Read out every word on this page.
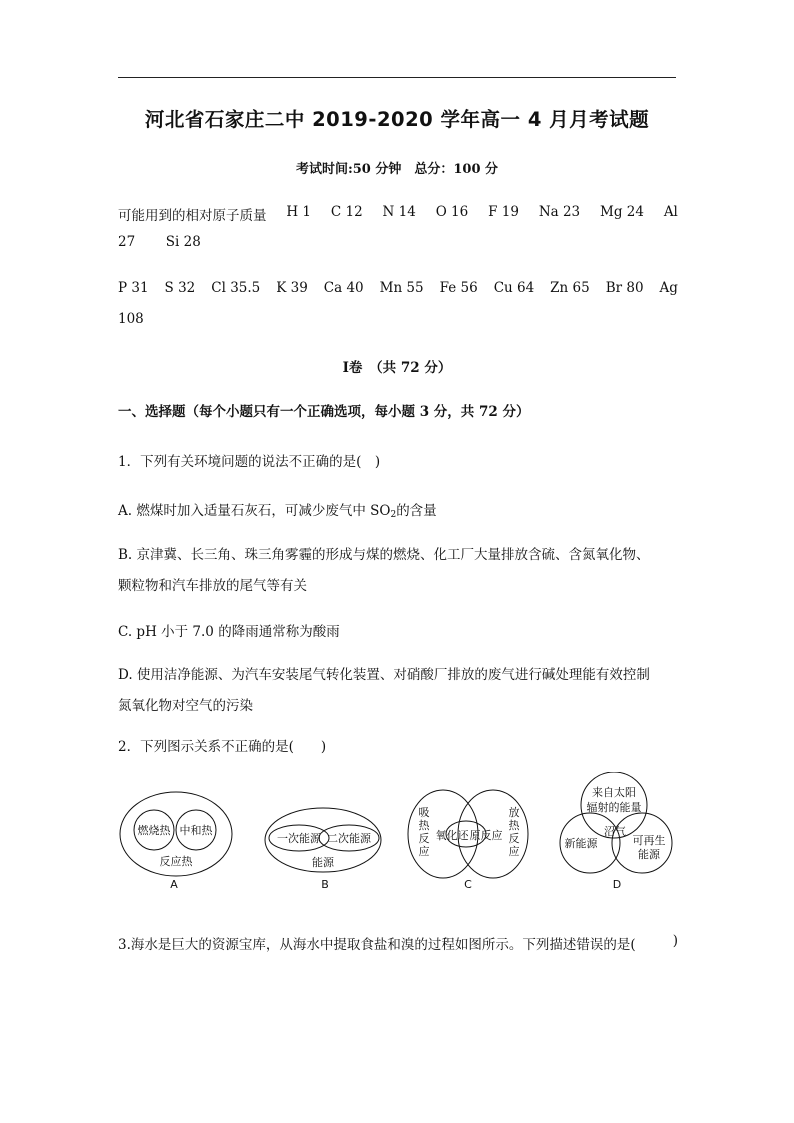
河北省石家庄二中 2019-2020 学年高一 4 月月考试题
考试时间:50 分钟　总分：100 分
可能用到的相对原子质量 H 1 C 12 N 14 O 16 F 19 Na 23 Mg 24 Al
27 Si 28
P 31 S 32 Cl 35.5 K 39 Ca 40 Mn 55 Fe 56 Cu 64 Zn 65 Br 80 Ag
108
Ⅰ卷　（共 72 分）
一、选择题（每个小题只有一个正确选项，每小题 3 分，共 72 分）
1．下列有关环境问题的说法不正确的是(　)
A. 燃煤时加入适量石灰石，可减少废气中 $SO_2$的含量
B. 京津冀、长三角、珠三角雾霾的形成与煤的燃烧、化工厂大量排放含硫、含氮氧化物、
颗粒物和汽车排放的尾气等有关
C. pH 小于 7.0 的降雨通常称为酸雨
D. 使用洁净能源、为汽车安装尾气转化装置、对硝酸厂排放的废气进行碱处理能有效控制
氮氧化物对空气的污染
2．下列图示关系不正确的是(　　)
燃烧热 中和热
反应热
A
一次能源 二次能源
能源
B
吸
热
反
应
氧化还 原反应
放
热
反
应
C
来自太阳
辐射的能量
新能源
沼气
可再生
能源
D
3.海水是巨大的资源宝库，从海水中提取食盐和溴的过程如图所示。下列描述错误的是(	)
